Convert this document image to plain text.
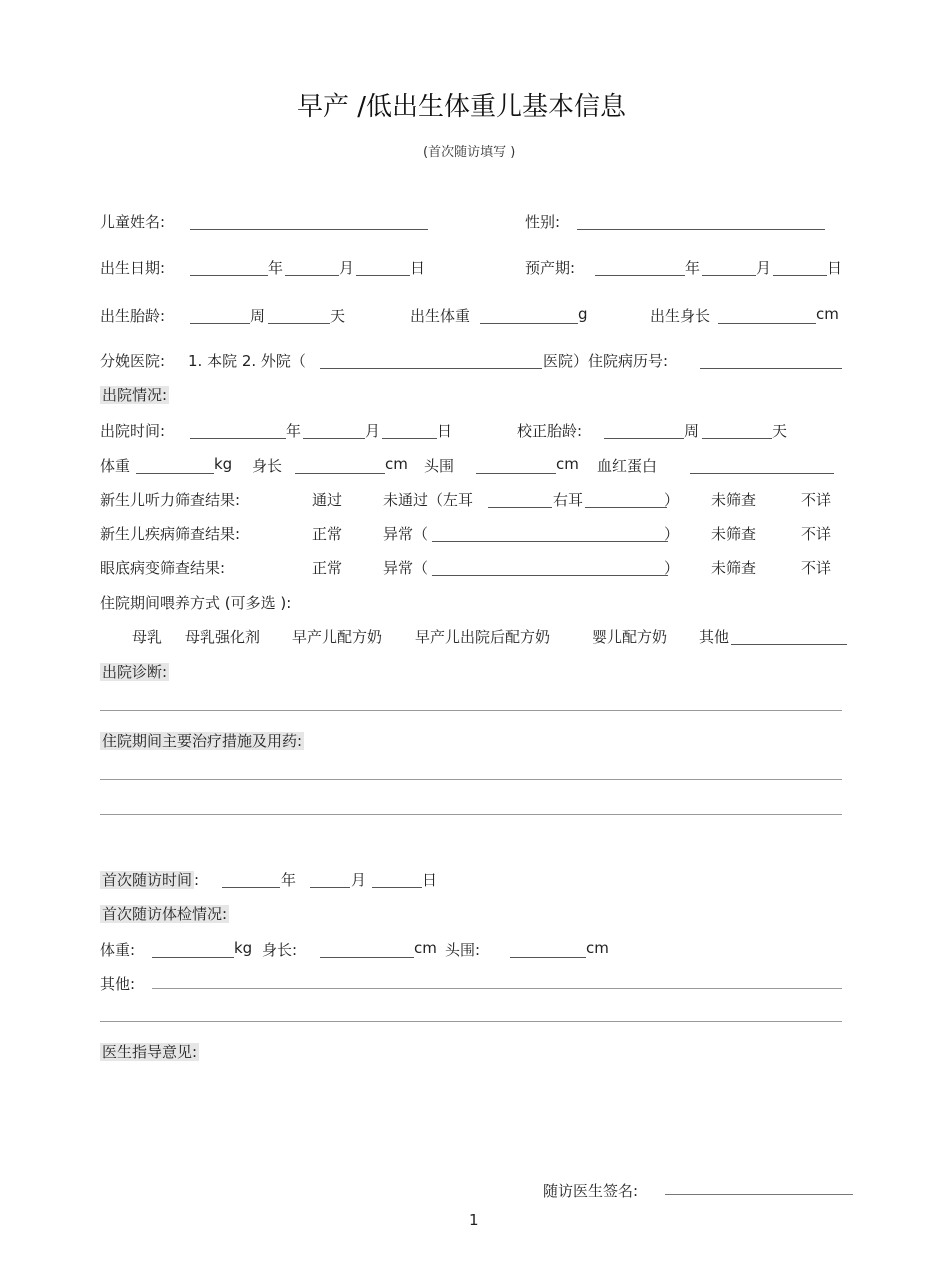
早产 /低出生体重儿基本信息
(首次随访填写 )
儿童姓名:	性别:
出生日期:	年	月	日	预产期:	年	月	日
出生胎龄:	周	天	出生体重	g	出生身长	cm
分娩医院: 1. 本院 2. 外院（	医院）住院病历号:
出院情况:
出院时间:	年	月	日	校正胎龄:	周	天
体重	kg 身长	cm 头围	cm 血红蛋白
新生儿听力筛查结果:	通过	未通过（左耳	右耳	） 未筛查	不详
新生儿疾病筛查结果:	正常	异常（	） 未筛查	不详
眼底病变筛查结果:	正常	异常（	） 未筛查	不详
住院期间喂养方式 (可多选 ):
母乳 母乳强化剂 早产儿配方奶 早产儿出院后配方奶	婴儿配方奶 其他
出院诊断:
住院期间主要治疗措施及用药:
首次随访时间 :	年	月	日
首次随访体检情况:
体重:	kg 身长:	cm 头围:	cm
其他:
医生指导意见:
随访医生签名:
1
